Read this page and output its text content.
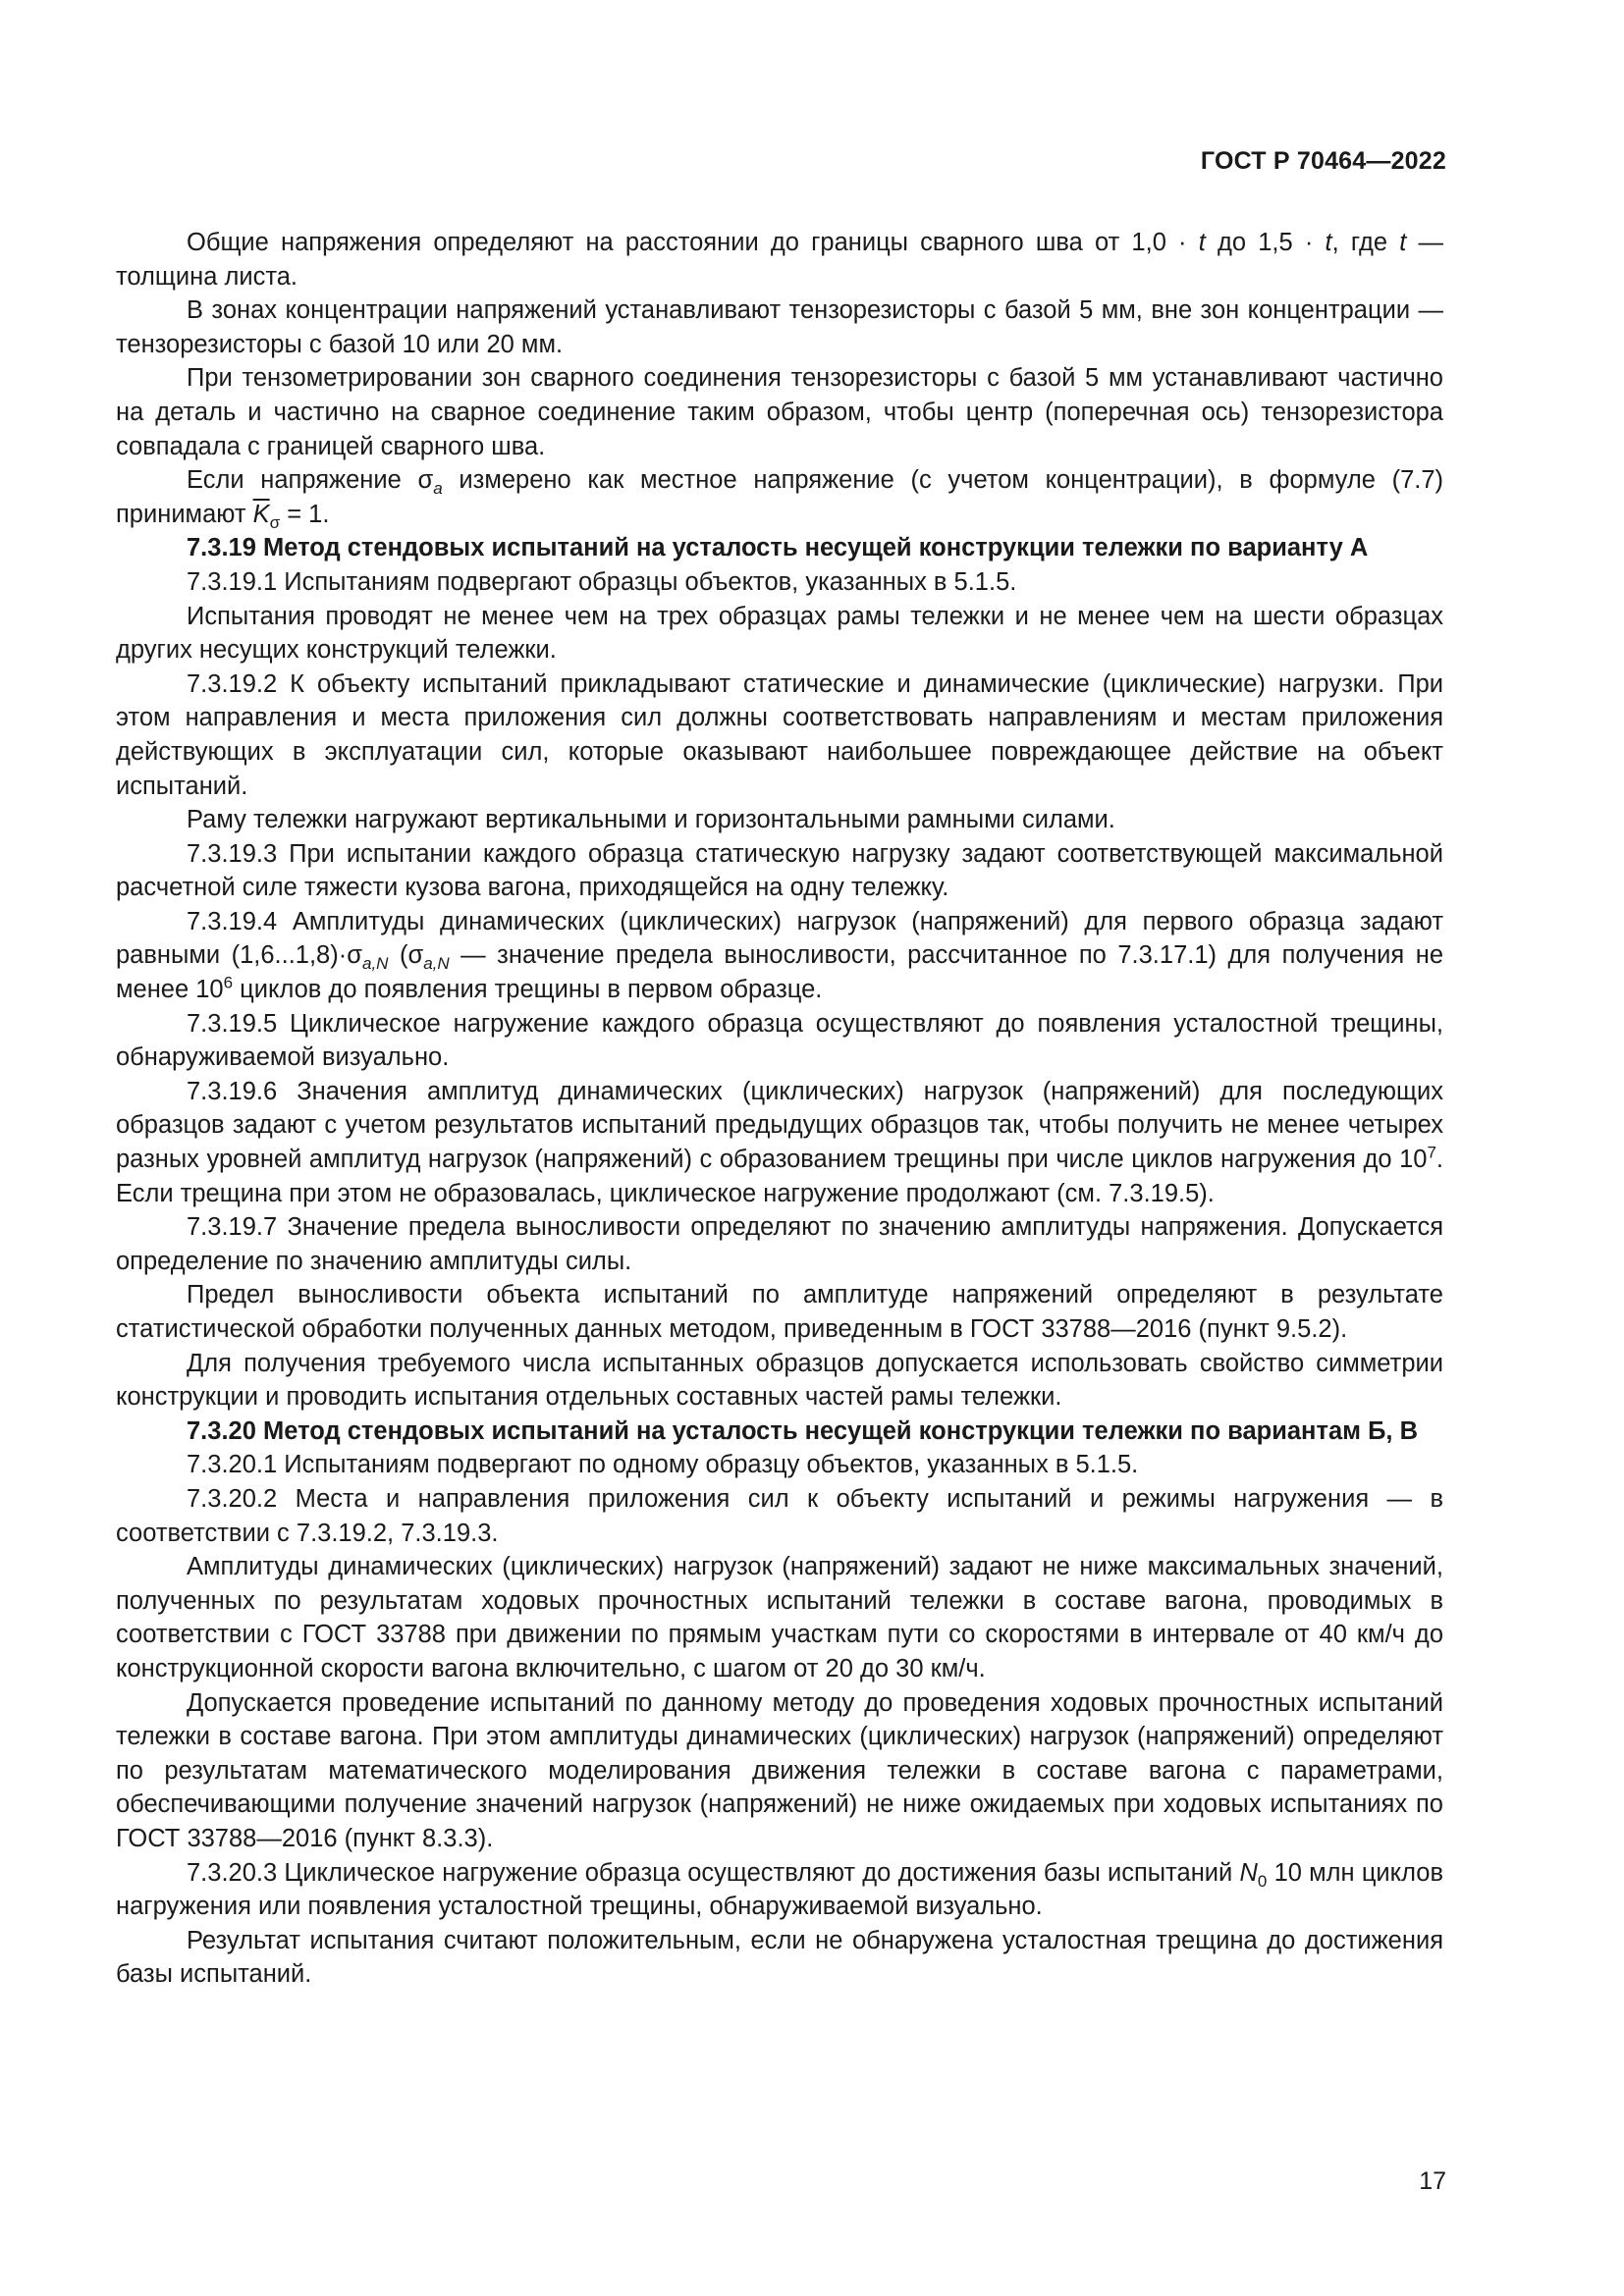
ГОСТ Р 70464—2022

Общие напряжения определяют на расстоянии до границы сварного шва от 1,0 · t до 1,5 · t, где t — толщина листа.

В зонах концентрации напряжений устанавливают тензорезисторы с базой 5 мм, вне зон концентрации — тензорезисторы с базой 10 или 20 мм.

При тензометрировании зон сварного соединения тензорезисторы с базой 5 мм устанавливают частично на деталь и частично на сварное соединение таким образом, чтобы центр (поперечная ось) тензорезистора совпадала с границей сварного шва.

Если напряжение $\sigma_a$ измерено как местное напряжение (с учетом концентрации), в формуле (7.7) принимают $\overline{K}_\sigma = 1$.

7.3.19 Метод стендовых испытаний на усталость несущей конструкции тележки по варианту А

7.3.19.1 Испытаниям подвергают образцы объектов, указанных в 5.1.5.

Испытания проводят не менее чем на трех образцах рамы тележки и не менее чем на шести образцах других несущих конструкций тележки.

7.3.19.2 К объекту испытаний прикладывают статические и динамические (циклические) нагрузки. При этом направления и места приложения сил должны соответствовать направлениям и местам приложения действующих в эксплуатации сил, которые оказывают наибольшее повреждающее действие на объект испытаний.

Раму тележки нагружают вертикальными и горизонтальными рамными силами.

7.3.19.3 При испытании каждого образца статическую нагрузку задают соответствующей максимальной расчетной силе тяжести кузова вагона, приходящейся на одну тележку.

7.3.19.4 Амплитуды динамических (циклических) нагрузок (напряжений) для первого образца задают равными $(1,6...1,8)\cdot\sigma_{a,N}$ ($\sigma_{a,N}$ — значение предела выносливости, рассчитанное по 7.3.17.1) для получения не менее $10^6$ циклов до появления трещины в первом образце.

7.3.19.5 Циклическое нагружение каждого образца осуществляют до появления усталостной трещины, обнаруживаемой визуально.

7.3.19.6 Значения амплитуд динамических (циклических) нагрузок (напряжений) для последующих образцов задают с учетом результатов испытаний предыдущих образцов так, чтобы получить не менее четырех разных уровней амплитуд нагрузок (напряжений) с образованием трещины при числе циклов нагружения до $10^7$. Если трещина при этом не образовалась, циклическое нагружение продолжают (см. 7.3.19.5).

7.3.19.7 Значение предела выносливости определяют по значению амплитуды напряжения. Допускается определение по значению амплитуды силы.

Предел выносливости объекта испытаний по амплитуде напряжений определяют в результате статистической обработки полученных данных методом, приведенным в ГОСТ 33788—2016 (пункт 9.5.2).

Для получения требуемого числа испытанных образцов допускается использовать свойство симметрии конструкции и проводить испытания отдельных составных частей рамы тележки.

7.3.20 Метод стендовых испытаний на усталость несущей конструкции тележки по вариантам Б, В

7.3.20.1 Испытаниям подвергают по одному образцу объектов, указанных в 5.1.5.

7.3.20.2 Места и направления приложения сил к объекту испытаний и режимы нагружения — в соответствии с 7.3.19.2, 7.3.19.3.

Амплитуды динамических (циклических) нагрузок (напряжений) задают не ниже максимальных значений, полученных по результатам ходовых прочностных испытаний тележки в составе вагона, проводимых в соответствии с ГОСТ 33788 при движении по прямым участкам пути со скоростями в интервале от 40 км/ч до конструкционной скорости вагона включительно, с шагом от 20 до 30 км/ч.

Допускается проведение испытаний по данному методу до проведения ходовых прочностных испытаний тележки в составе вагона. При этом амплитуды динамических (циклических) нагрузок (напряжений) определяют по результатам математического моделирования движения тележки в составе вагона с параметрами, обеспечивающими получение значений нагрузок (напряжений) не ниже ожидаемых при ходовых испытаниях по ГОСТ 33788—2016 (пункт 8.3.3).

7.3.20.3 Циклическое нагружение образца осуществляют до достижения базы испытаний $N_0$ 10 млн циклов нагружения или появления усталостной трещины, обнаруживаемой визуально.

Результат испытания считают положительным, если не обнаружена усталостная трещина до достижения базы испытаний.

17
